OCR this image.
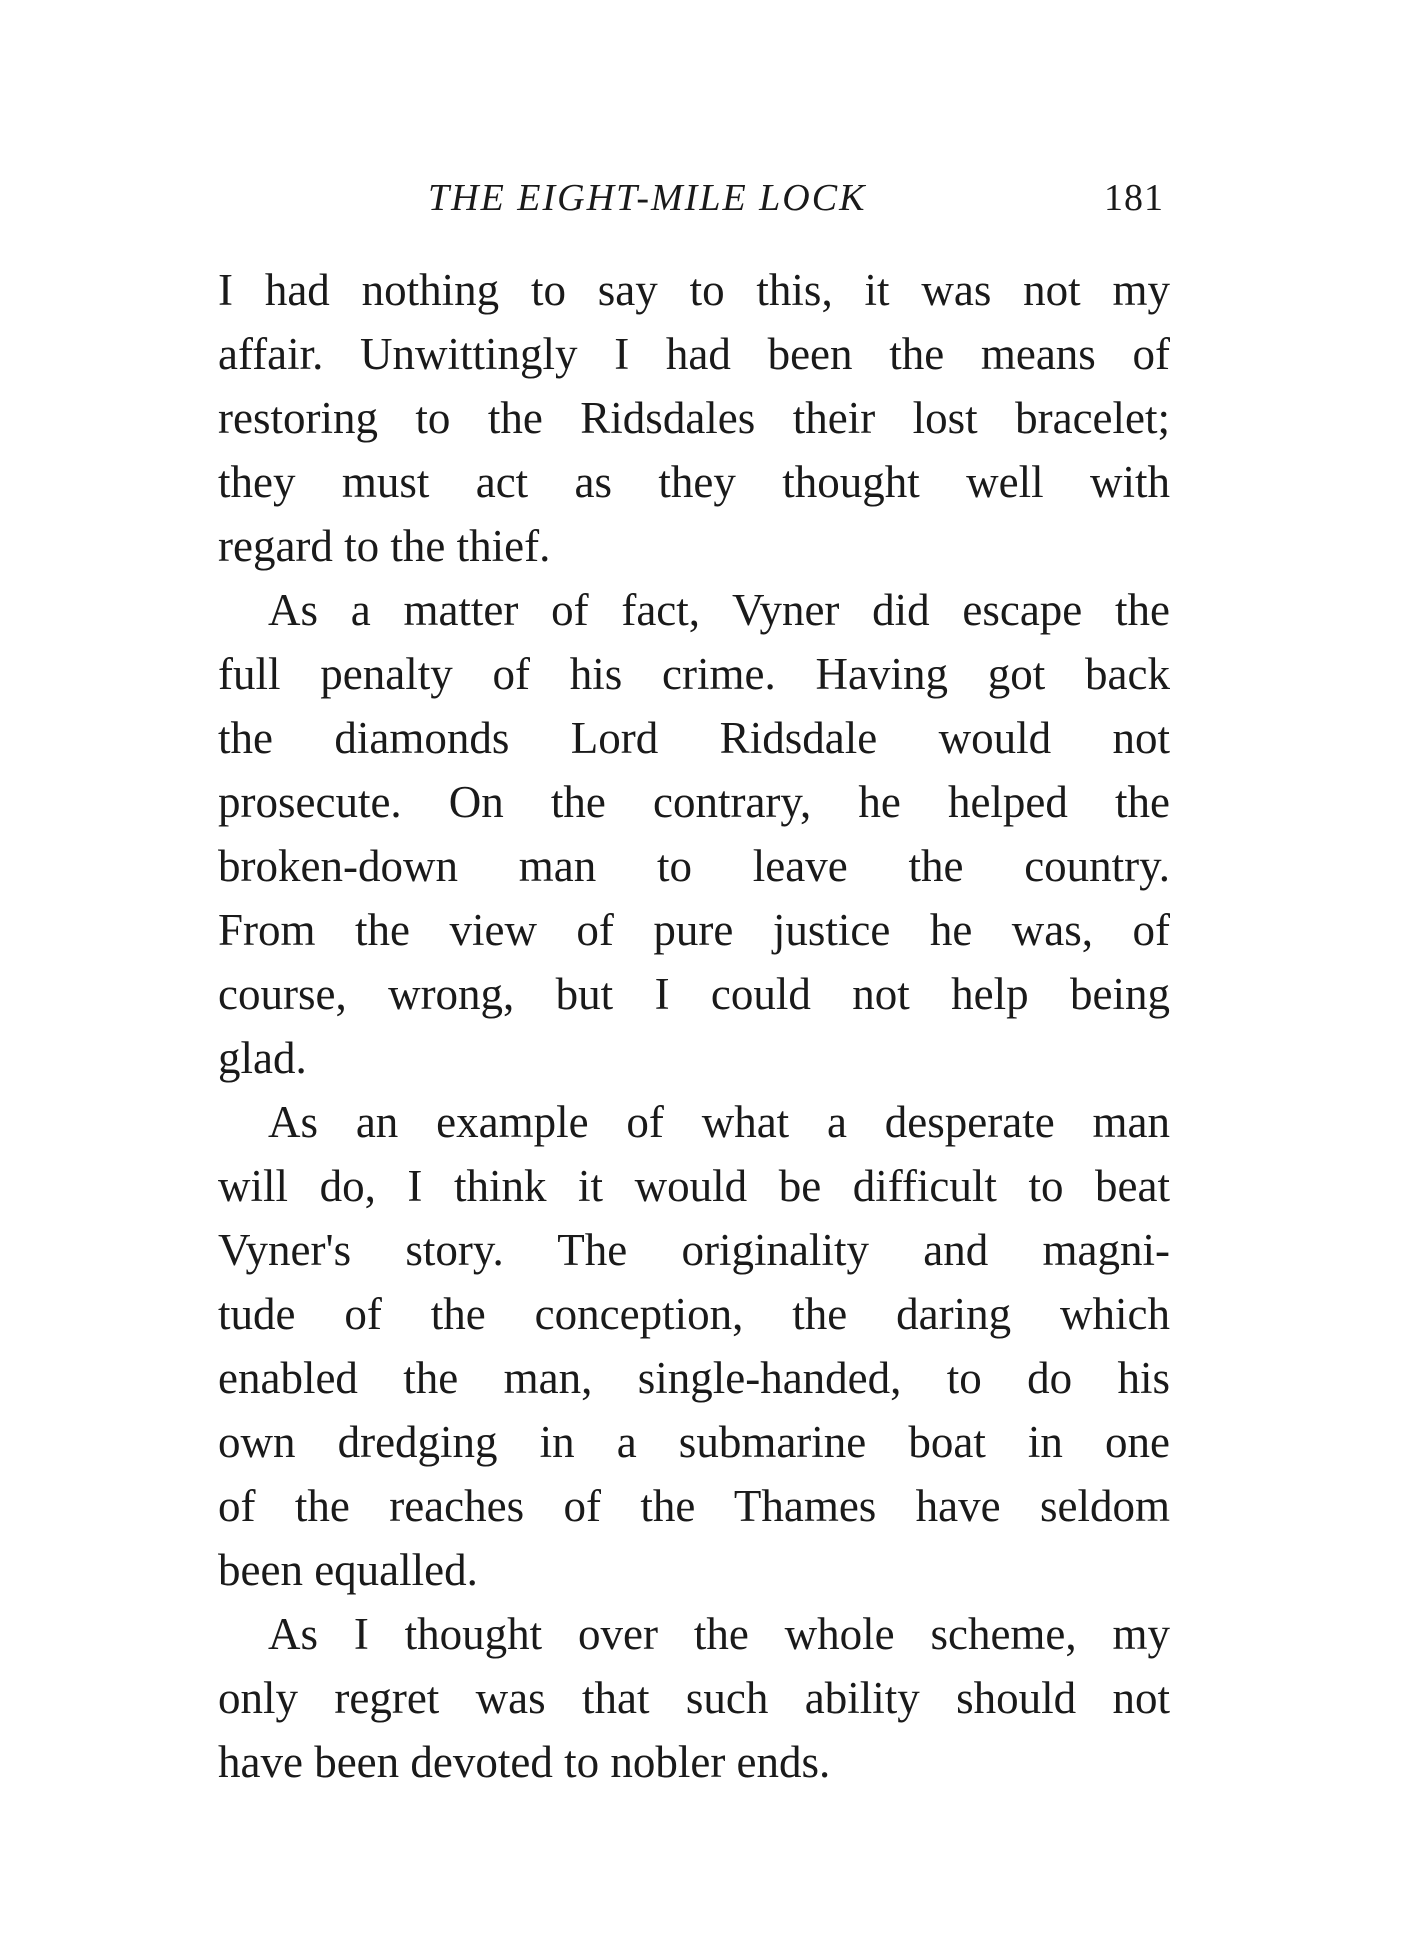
THE EIGHT-MILE LOCK	181
I had nothing to say to this, it was not my
affair. Unwittingly I had been the means of
restoring to the Ridsdales their lost bracelet;
they must act as they thought well with
regard to the thief.
As a matter of fact, Vyner did escape the
full penalty of his crime. Having got back
the diamonds Lord Ridsdale would not
prosecute. On the contrary, he helped the
broken-down man to leave the country.
From the view of pure justice he was, of
course, wrong, but I could not help being
glad.
As an example of what a desperate man
will do, I think it would be difficult to beat
Vyner's story. The originality and magni-
tude of the conception, the daring which
enabled the man, single-handed, to do his
own dredging in a submarine boat in one
of the reaches of the Thames have seldom
been equalled.
As I thought over the whole scheme, my
only regret was that such ability should not
have been devoted to nobler ends.
